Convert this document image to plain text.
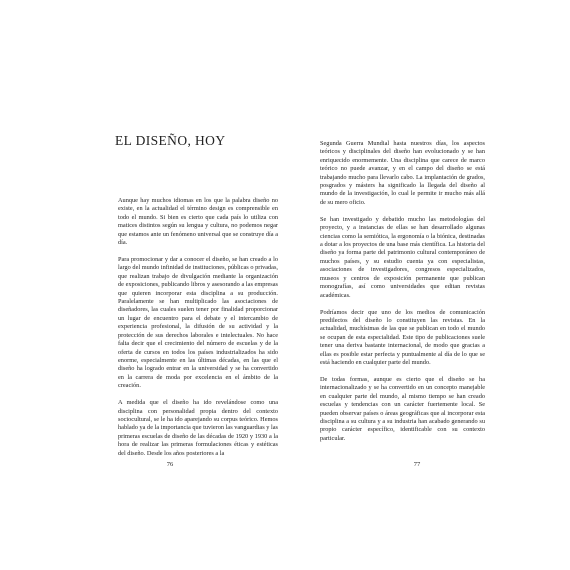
EL DISEÑO, HOY

Aunque hay muchos idiomas en los que la palabra diseño no existe, en la actualidad el término design es comprensible en todo el mundo. Si bien es cierto que cada país lo utiliza con matices distintos según su lengua y cultura, no podemos negar que estamos ante un fenómeno universal que se construye día a día.

Para promocionar y dar a conocer el diseño, se han creado a lo largo del mundo infinidad de instituciones, públicas o privadas, que realizan trabajo de divulgación mediante la organización de exposiciones, publicando libros y asesorando a las empresas que quieren incorporar esta disciplina a su producción. Paralelamente se han multiplicado las asociaciones de diseñadores, las cuales suelen tener por finalidad proporcionar un lugar de encuentro para el debate y el intercambio de experiencia profesional, la difusión de su actividad y la protección de sus derechos laborales e intelectuales. No hace falta decir que el crecimiento del número de escuelas y de la oferta de cursos en todos los países industrializados ha sido enorme, especialmente en las últimas décadas, en las que el diseño ha logrado entrar en la universidad y se ha convertido en la carrera de moda por excelencia en el ámbito de la creación.

A medida que el diseño ha ido revelándose como una disciplina con personalidad propia dentro del contexto sociocultural, se le ha ido aparejando su corpus teórico. Hemos hablado ya de la importancia que tuvieron las vanguardias y las primeras escuelas de diseño de las décadas de 1920 y 1930 a la hora de realizar las primeras formulaciones éticas y estéticas del diseño. Desde los años posteriores a la

76

Segunda Guerra Mundial hasta nuestros días, los aspectos teóricos y disciplinales del diseño han evolucionado y se han enriquecido enormemente. Una disciplina que carece de marco teórico no puede avanzar, y en el campo del diseño se está trabajando mucho para llevarlo cabo. La implantación de grados, posgrados y másters ha significado la llegada del diseño al mundo de la investigación, lo cual le permite ir mucho más allá de su mero oficio.

Se han investigado y debatido mucho las metodologías del proyecto, y a instancias de ellas se han desarrollado algunas ciencias como la semiótica, la ergonomía o la biónica, destinadas a dotar a los proyectos de una base más científica. La historia del diseño ya forma parte del patrimonio cultural contemporáneo de muchos países, y su estudio cuenta ya con especialistas, asociaciones de investigadores, congresos especializados, museos y centros de exposición permanente que publican monografías, así como universidades que editan revistas académicas.

Podríamos decir que uno de los medios de comunicación predilectos del diseño lo constituyen las revistas. En la actualidad, muchísimas de las que se publican en todo el mundo se ocupan de esta especialidad. Este tipo de publicaciones suele tener una deriva bastante internacional, de modo que gracias a ellas es posible estar perfecta y puntualmente al día de lo que se está haciendo en cualquier parte del mundo.

De todas formas, aunque es cierto que el diseño se ha internacionalizado y se ha convertido en un concepto manejable en cualquier parte del mundo, al mismo tiempo se han creado escuelas y tendencias con un carácter fuertemente local. Se pueden observar países o áreas geográficas que al incorporar esta disciplina a su cultura y a su industria han acabado generando su propio carácter específico, identificable con su contexto particular.

77
